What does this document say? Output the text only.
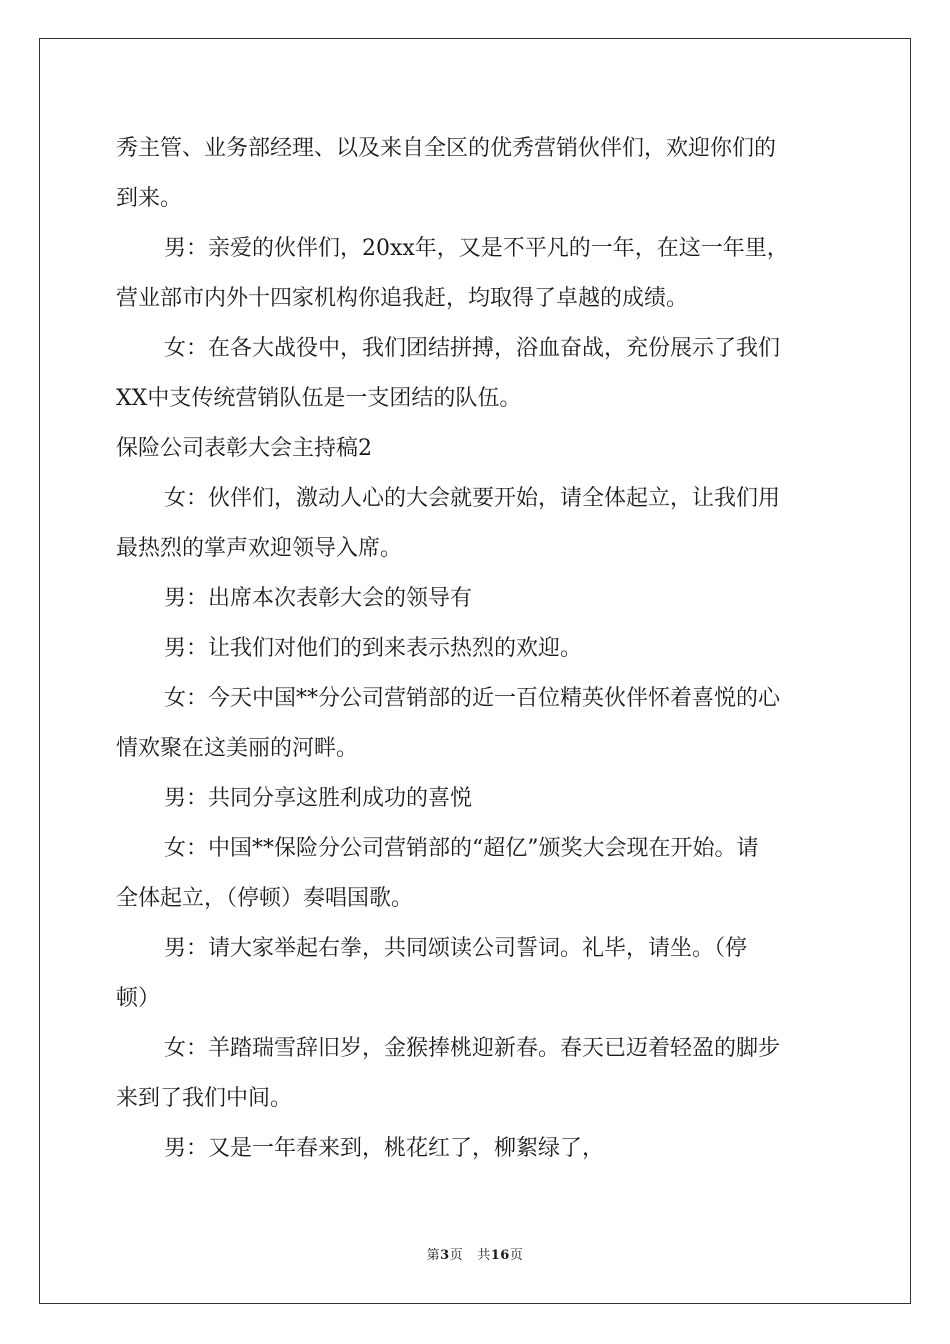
秀主管、业务部经理、以及来自全区的优秀营销伙伴们，欢迎你们的
到来。
男：亲爱的伙伴们，20xx年，又是不平凡的一年，在这一年里，
营业部市内外十四家机构你追我赶，均取得了卓越的成绩。
女：在各大战役中，我们团结拼搏，浴血奋战，充份展示了我们
XX中支传统营销队伍是一支团结的队伍。
保险公司表彰大会主持稿2
女：伙伴们，激动人心的大会就要开始，请全体起立，让我们用
最热烈的掌声欢迎领导入席。
男：出席本次表彰大会的领导有
男：让我们对他们的到来表示热烈的欢迎。
女：今天中国**分公司营销部的近一百位精英伙伴怀着喜悦的心
情欢聚在这美丽的河畔。
男：共同分享这胜利成功的喜悦
女：中国**保险分公司营销部的“超亿”颁奖大会现在开始。请
全体起立，（停顿）奏唱国歌。
男：请大家举起右拳，共同颂读公司誓词。礼毕，请坐。（停
顿）
女：羊踏瑞雪辞旧岁，金猴捧桃迎新春。春天已迈着轻盈的脚步
来到了我们中间。
男：又是一年春来到，桃花红了，柳絮绿了，
第3页 共16页
